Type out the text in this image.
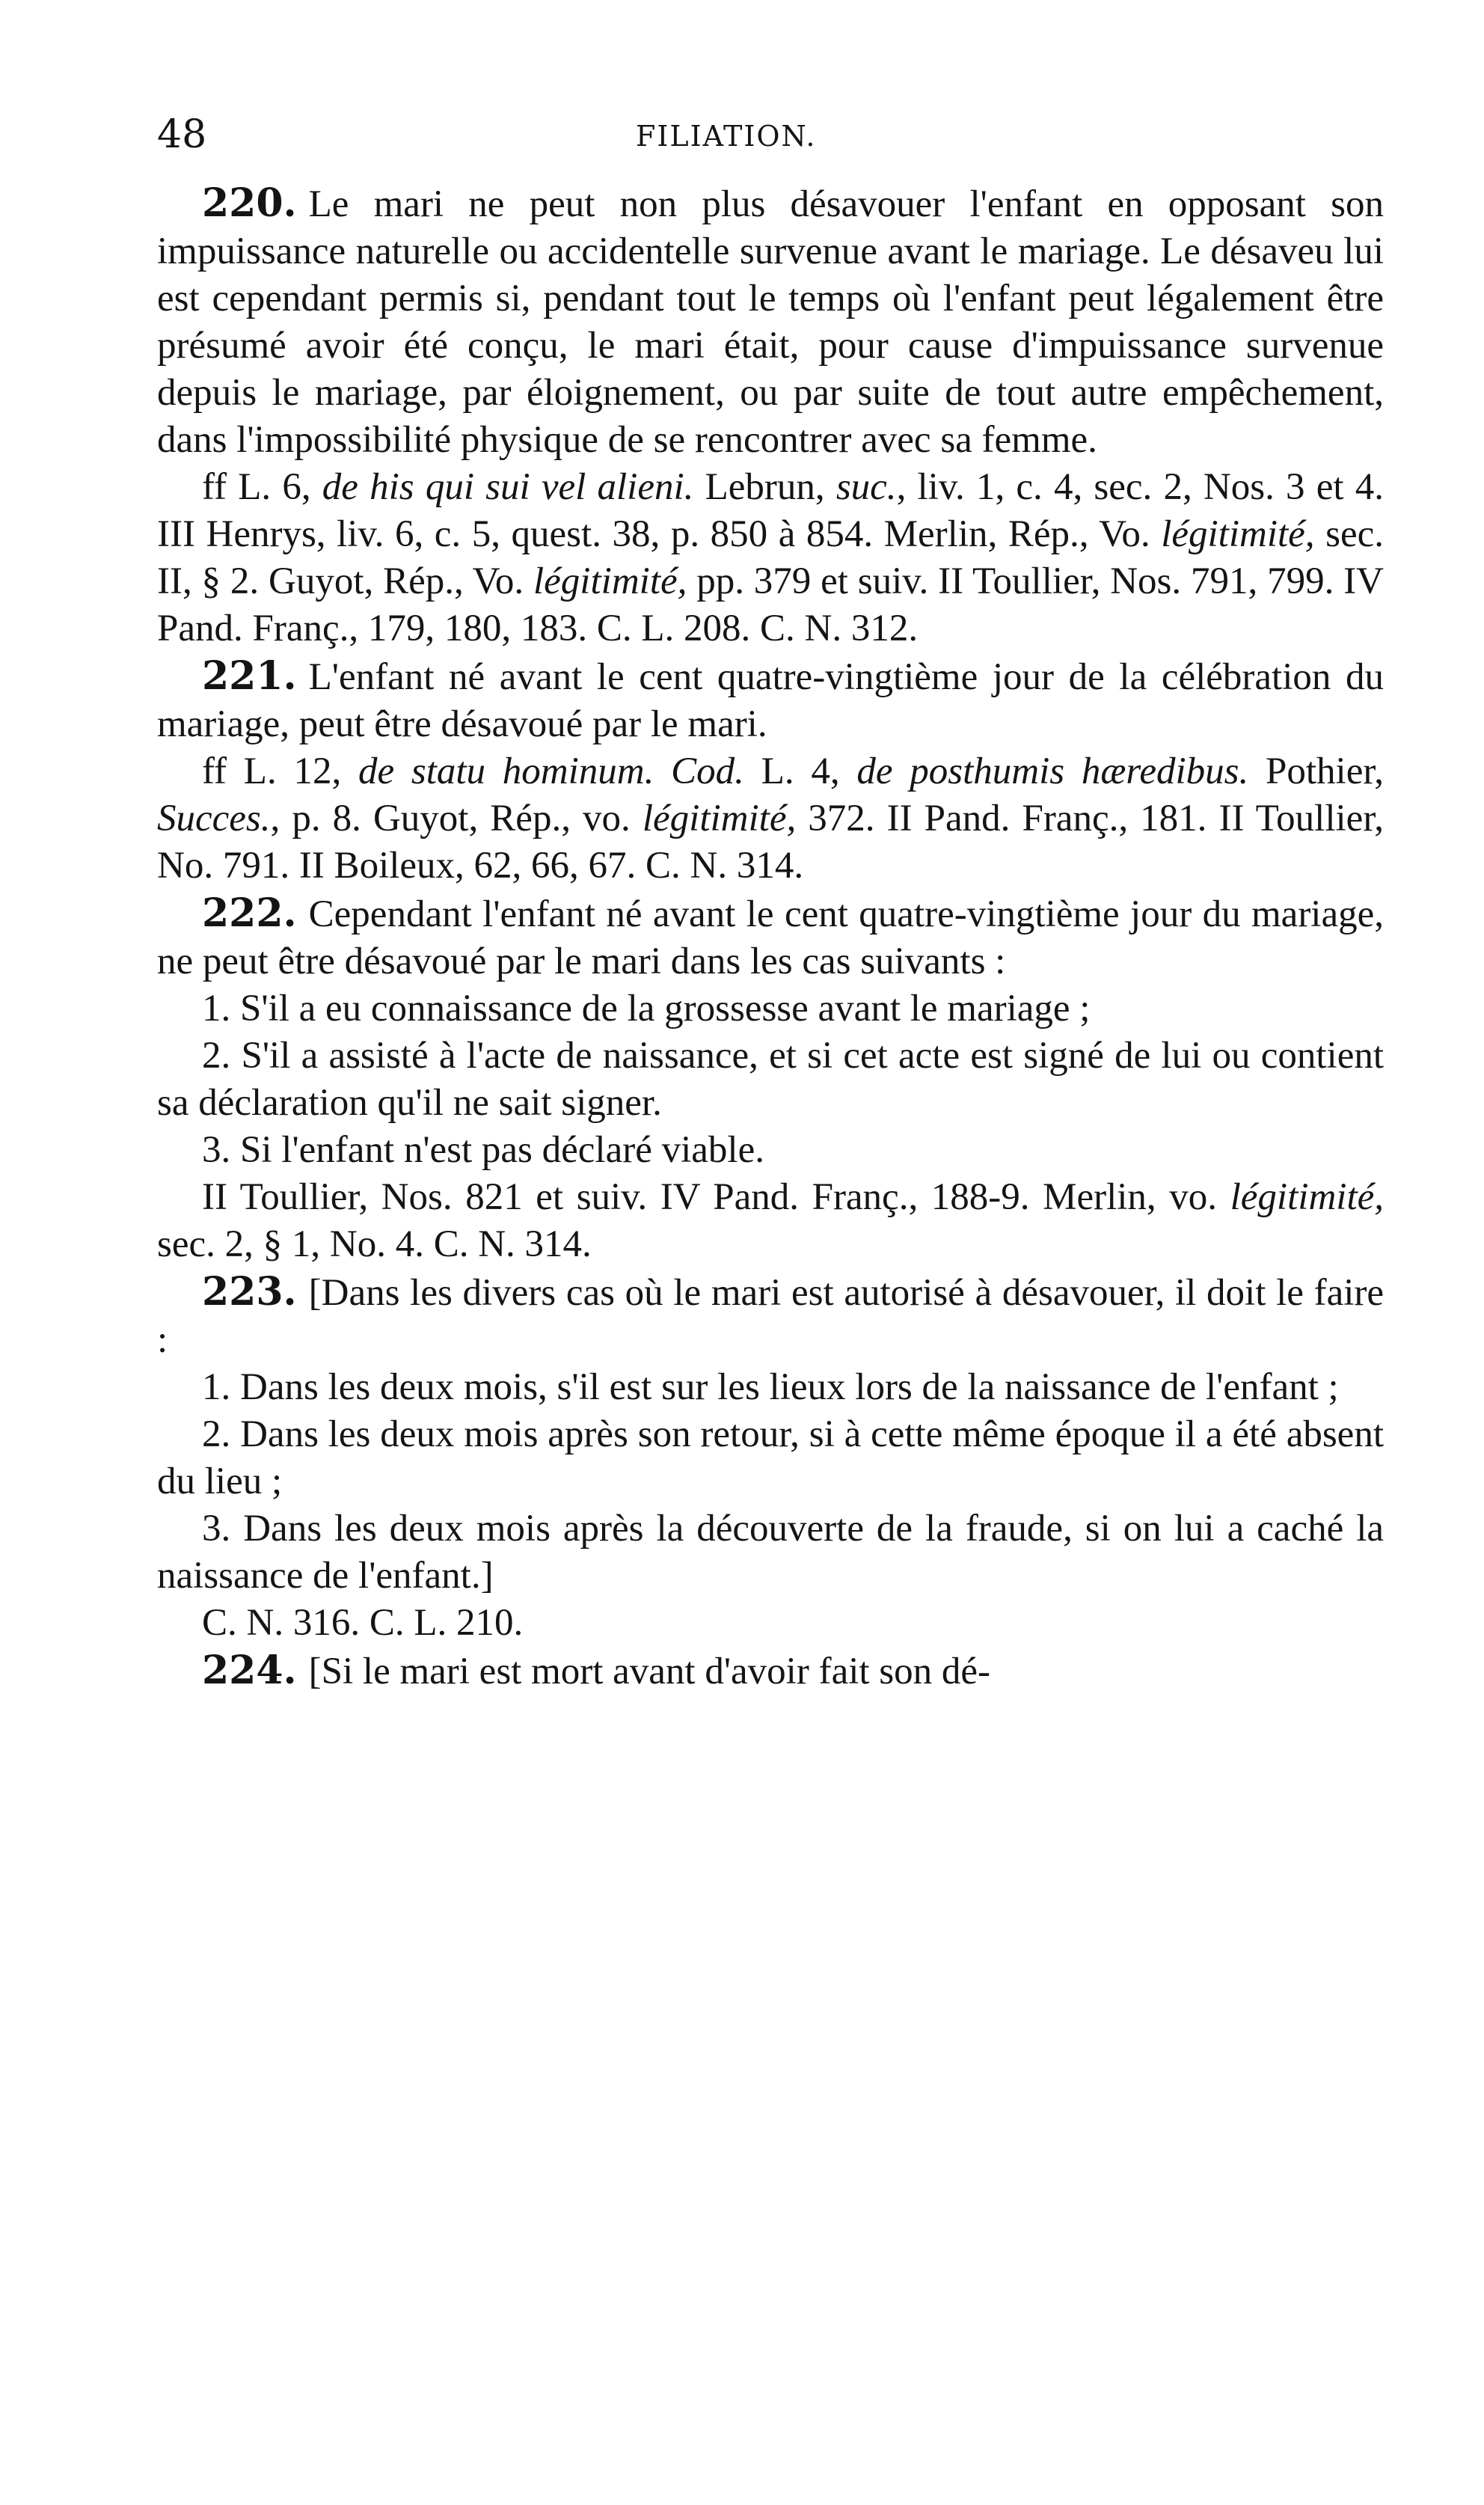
48	FILIATION.

220. Le mari ne peut non plus désavouer l'enfant en opposant son impuissance naturelle ou accidentelle survenue avant le mariage. Le désaveu lui est cependant permis si, pendant tout le temps où l'enfant peut légalement être présumé avoir été conçu, le mari était, pour cause d'impuissance survenue depuis le mariage, par éloignement, ou par suite de tout autre empêchement, dans l'impossibilité physique de se rencontrer avec sa femme.

ff L. 6, de his qui sui vel alieni. Lebrun, suc., liv. 1, c. 4, sec. 2, Nos. 3 et 4. III Henrys, liv. 6, c. 5, quest. 38, p. 850 à 854. Merlin, Rép., Vo. légitimité, sec. II, § 2. Guyot, Rép., Vo. légitimité, pp. 379 et suiv. II Toullier, Nos. 791, 799. IV Pand. Franç., 179, 180, 183. C. L. 208. C. N. 312.

221. L'enfant né avant le cent quatre-vingtième jour de la célébration du mariage, peut être désavoué par le mari.

ff L. 12, de statu hominum. Cod. L. 4, de posthumis hæredibus. Pothier, Succes., p. 8. Guyot, Rép., vo. légitimité, 372. II Pand. Franç., 181. II Toullier, No. 791. II Boileux, 62, 66, 67. C. N. 314.

222. Cependant l'enfant né avant le cent quatre-vingtième jour du mariage, ne peut être désavoué par le mari dans les cas suivants :

1. S'il a eu connaissance de la grossesse avant le mariage ;

2. S'il a assisté à l'acte de naissance, et si cet acte est signé de lui ou contient sa déclaration qu'il ne sait signer.

3. Si l'enfant n'est pas déclaré viable.

II Toullier, Nos. 821 et suiv. IV Pand. Franç., 188-9. Merlin, vo. légitimité, sec. 2, § 1, No. 4. C. N. 314.

223. [Dans les divers cas où le mari est autorisé à désavouer, il doit le faire :

1. Dans les deux mois, s'il est sur les lieux lors de la naissance de l'enfant ;

2. Dans les deux mois après son retour, si à cette même époque il a été absent du lieu ;

3. Dans les deux mois après la découverte de la fraude, si on lui a caché la naissance de l'enfant.]

C. N. 316. C. L. 210.

224. [Si le mari est mort avant d'avoir fait son dé-
